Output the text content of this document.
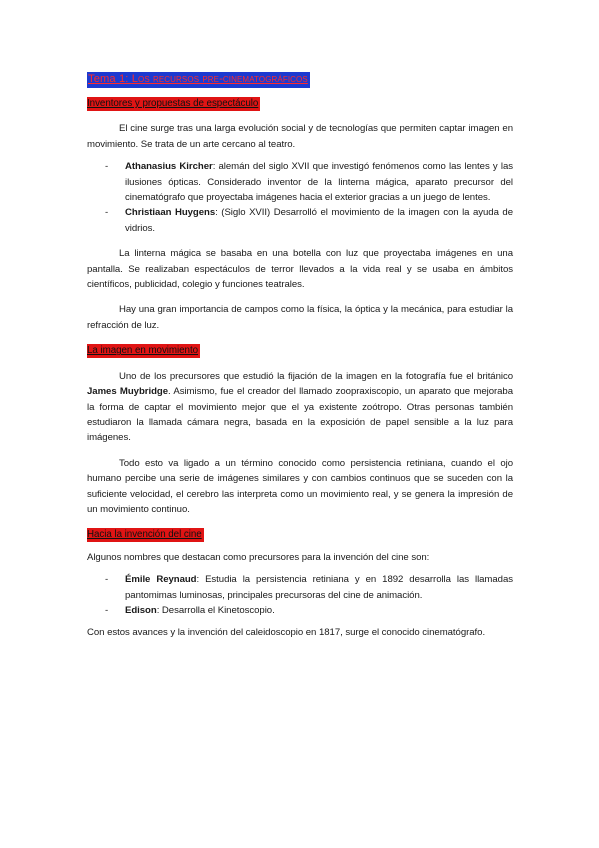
Tema 1: Los recursos pre-cinematográficos
Inventores y propuestas de espectáculo

El cine surge tras una larga evolución social y de tecnologías que permiten captar imagen en movimiento. Se trata de un arte cercano al teatro.

- Athanasius Kircher: alemán del siglo XVII que investigó fenómenos como las lentes y las ilusiones ópticas. Considerado inventor de la linterna mágica, aparato precursor del cinematógrafo que proyectaba imágenes hacia el exterior gracias a un juego de lentes.
- Christiaan Huygens: (Siglo XVII) Desarrolló el movimiento de la imagen con la ayuda de vidrios.

La linterna mágica se basaba en una botella con luz que proyectaba imágenes en una pantalla. Se realizaban espectáculos de terror llevados a la vida real y se usaba en ámbitos científicos, publicidad, colegio y funciones teatrales.

Hay una gran importancia de campos como la física, la óptica y la mecánica, para estudiar la refracción de luz.

La imagen en movimiento

Uno de los precursores que estudió la fijación de la imagen en la fotografía fue el británico James Muybridge. Asimismo, fue el creador del llamado zoopraxiscopio, un aparato que mejoraba la forma de captar el movimiento mejor que el ya existente zoótropo. Otras personas también estudiaron la llamada cámara negra, basada en la exposición de papel sensible a la luz para imágenes.

Todo esto va ligado a un término conocido como persistencia retiniana, cuando el ojo humano percibe una serie de imágenes similares y con cambios continuos que se suceden con la suficiente velocidad, el cerebro las interpreta como un movimiento real, y se genera la impresión de un movimiento continuo.

Hacia la invención del cine

Algunos nombres que destacan como precursores para la invención del cine son:

- Émile Reynaud: Estudia la persistencia retiniana y en 1892 desarrolla las llamadas pantomimas luminosas, principales precursoras del cine de animación.
- Edison: Desarrolla el Kinetoscopio.

Con estos avances y la invención del caleidoscopio en 1817, surge el conocido cinematógrafo.
